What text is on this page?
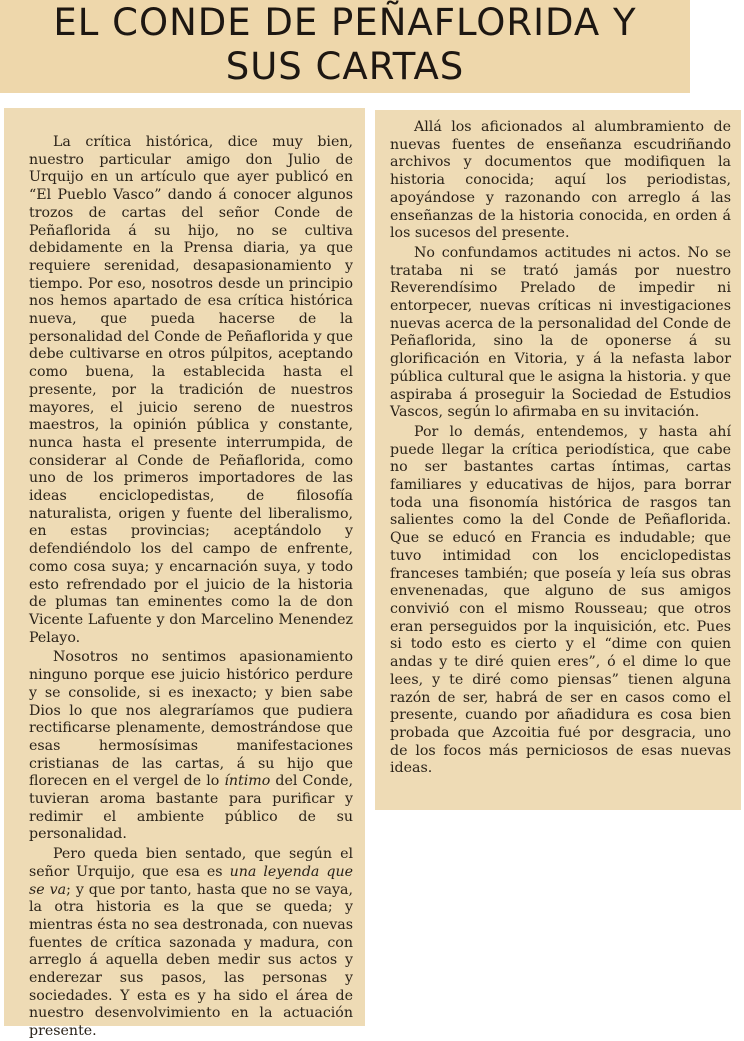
EL CONDE DE PEÑAFLORIDA Y
SUS CARTAS

La crítica histórica, dice muy bien, nuestro particular amigo don Julio de Urquijo en un artículo que ayer publicó en “El Pueblo Vasco” dando á conocer algunos trozos de cartas del señor Conde de Peñaflorida á su hijo, no se cultiva debidamente en la Prensa diaria, ya que requiere serenidad, desapasionamiento y tiempo. Por eso, nosotros desde un principio nos hemos apartado de esa crítica histórica nueva, que pueda hacerse de la personalidad del Conde de Peñaflorida y que debe cultivarse en otros púlpitos, aceptando como buena, la establecida hasta el presente, por la tradición de nuestros mayores, el juicio sereno de nuestros maestros, la opinión pública y constante, nunca hasta el presente interrumpida, de considerar al Conde de Peñaflorida, como uno de los primeros importadores de las ideas enciclopedistas, de filosofía naturalista, origen y fuente del liberalismo, en estas provincias; aceptándolo y defendiéndolo los del campo de enfrente, como cosa suya; y encarnación suya, y todo esto refrendado por el juicio de la historia de plumas tan eminentes como la de don Vicente Lafuente y don Marcelino Menendez Pelayo.

Nosotros no sentimos apasionamiento ninguno porque ese juicio histórico perdure y se consolide, si es inexacto; y bien sabe Dios lo que nos alegraríamos que pudiera rectificarse plenamente, demostrándose que esas hermosísimas manifestaciones cristianas de las cartas, á su hijo que florecen en el vergel de lo íntimo del Conde, tuvieran aroma bastante para purificar y redimir el ambiente público de su personalidad.

Pero queda bien sentado, que según el señor Urquijo, que esa es una leyenda que se va; y que por tanto, hasta que no se vaya, la otra historia es la que se queda; y mientras ésta no sea destronada, con nuevas fuentes de crítica sazonada y madura, con arreglo á aquella deben medir sus actos y enderezar sus pasos, las personas y sociedades. Y esta es y ha sido el área de nuestro desenvolvimiento en la actuación presente.

Allá los aficionados al alumbramiento de nuevas fuentes de enseñanza escudriñando archivos y documentos que modifiquen la historia conocida; aquí los periodistas, apoyándose y razonando con arreglo á las enseñanzas de la historia conocida, en orden á los sucesos del presente.

No confundamos actitudes ni actos. No se trataba ni se trató jamás por nuestro Reverendísimo Prelado de impedir ni entorpecer, nuevas críticas ni investigaciones nuevas acerca de la personalidad del Conde de Peñaflorida, sino la de oponerse á su glorificación en Vitoria, y á la nefasta labor pública cultural que le asigna la historia. y que aspiraba á proseguir la Sociedad de Estudios Vascos, según lo afirmaba en su invitación.

Por lo demás, entendemos, y hasta ahí puede llegar la crítica periodística, que cabe no ser bastantes cartas íntimas, cartas familiares y educativas de hijos, para borrar toda una fisonomía histórica de rasgos tan salientes como la del Conde de Peñaflorida. Que se educó en Francia es indudable; que tuvo intimidad con los enciclopedistas franceses también; que poseía y leía sus obras envenenadas, que alguno de sus amigos convivió con el mismo Rousseau; que otros eran perseguidos por la inquisición, etc. Pues si todo esto es cierto y el “dime con quien andas y te diré quien eres”, ó el dime lo que lees, y te diré como piensas” tienen alguna razón de ser, habrá de ser en casos como el presente, cuando por añadidura es cosa bien probada que Azcoitia fué por desgracia, uno de los focos más perniciosos de esas nuevas ideas.
